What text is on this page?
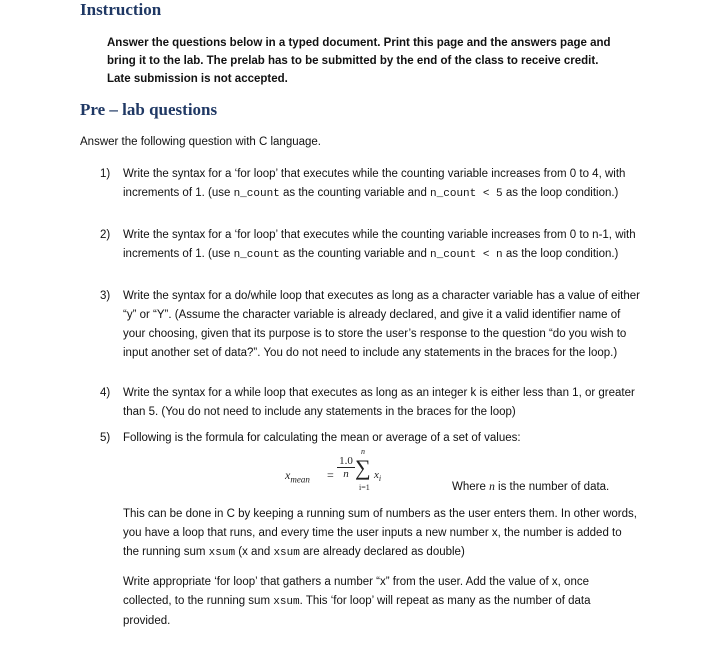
Instruction
Answer the questions below in a typed document. Print this page and the answers page and
bring it to the lab. The prelab has to be submitted by the end of the class to receive credit.
Late submission is not accepted.
Pre – lab questions
Answer the following question with C language.
1)	Write the syntax for a ‘for loop’ that executes while the counting variable increases from 0 to 4, with increments of 1. (use n_count as the counting variable and n_count < 5 as the loop condition.)
2)	Write the syntax for a ‘for loop’ that executes while the counting variable increases from 0 to n-1, with increments of 1. (use n_count as the counting variable and n_count < n as the loop condition.)
3)	Write the syntax for a do/while loop that executes as long as a character variable has a value of either “y” or “Y”. (Assume the character variable is already declared, and give it a valid identifier name of your choosing, given that its purpose is to store the user’s response to the question “do you wish to input another set of data?”. You do not need to include any statements in the braces for the loop.)
4)	Write the syntax for a while loop that executes as long as an integer k is either less than 1, or greater than 5. (You do not need to include any statements in the braces for the loop)
5)	Following is the formula for calculating the mean or average of a set of values:
$x_{mean} = \frac{1.0}{n}$
n
∑
i=1
$x_i$
Where n is the number of data.

This can be done in C by keeping a running sum of numbers as the user enters them. In other words, you have a loop that runs, and every time the user inputs a new number x, the number is added to the running sum xsum (x and xsum are already declared as double)

Write appropriate ‘for loop’ that gathers a number “x” from the user. Add the value of x, once collected, to the running sum xsum. This ‘for loop’ will repeat as many as the number of data provided.
